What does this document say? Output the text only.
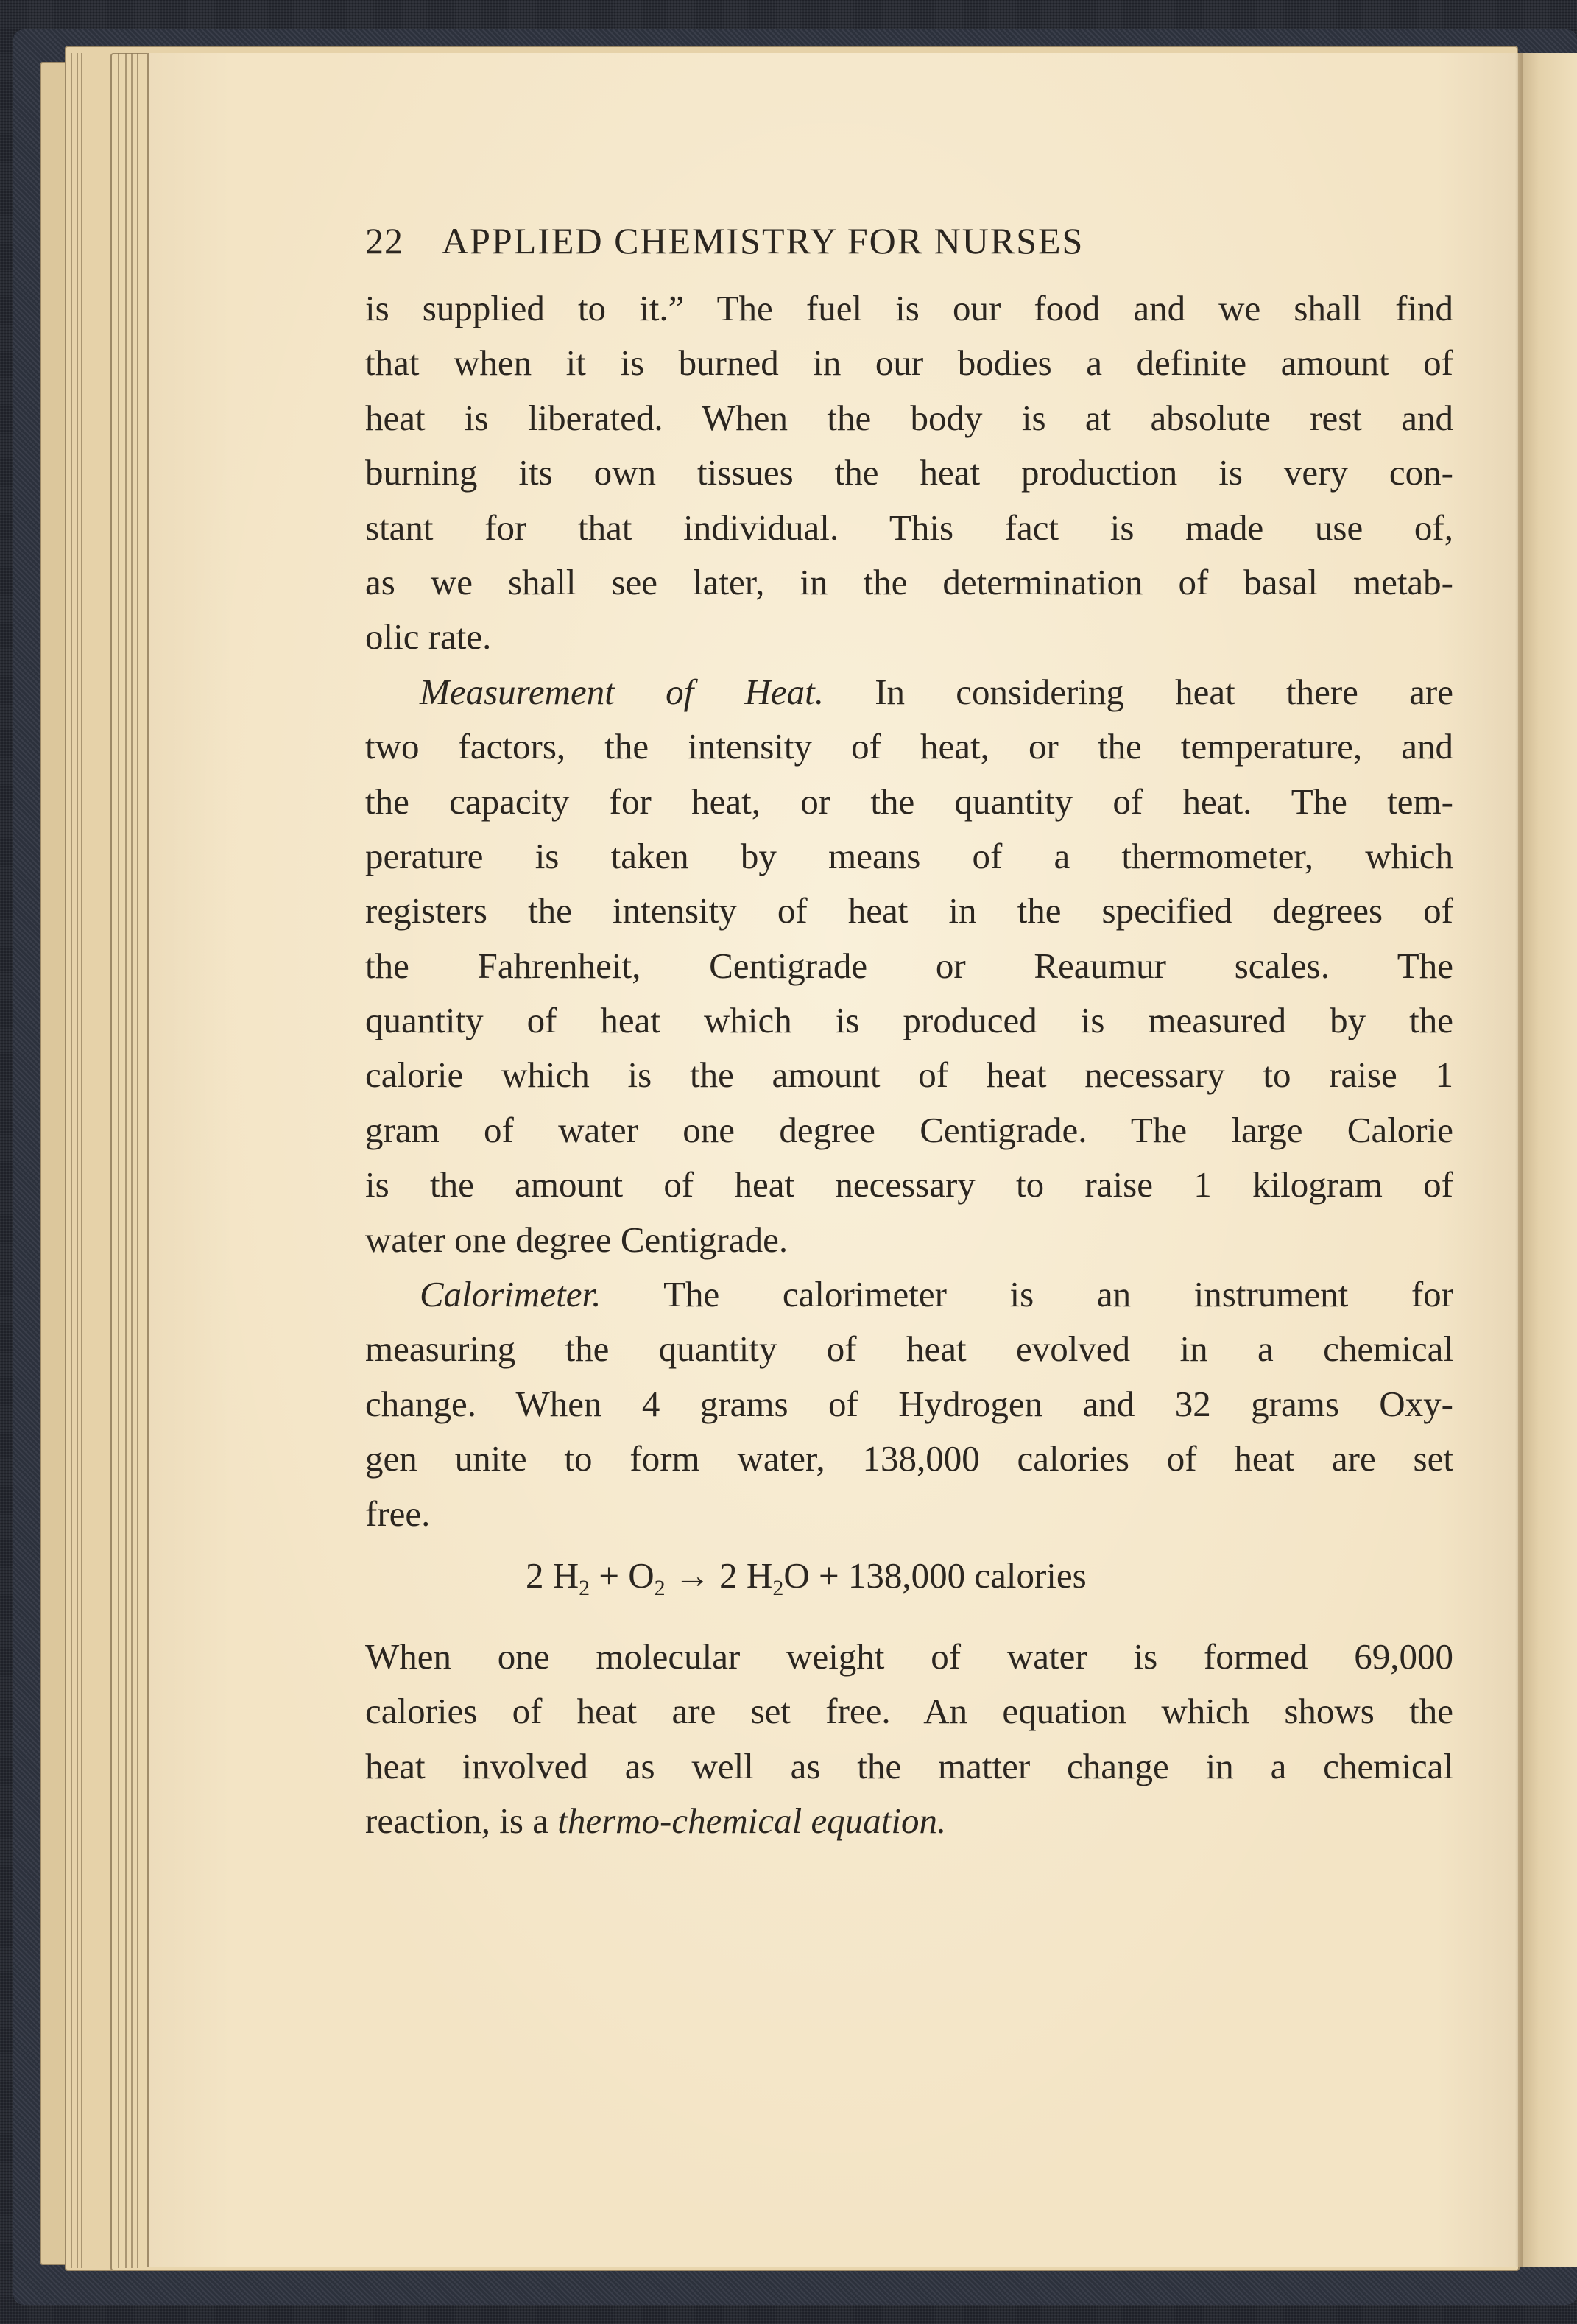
22 APPLIED CHEMISTRY FOR NURSES
is supplied to it.” The fuel is our food and we shall find
that when it is burned in our bodies a definite amount of
heat is liberated. When the body is at absolute rest and
burning its own tissues the heat production is very con-
stant for that individual. This fact is made use of,
as we shall see later, in the determination of basal metab-
olic rate.
Measurement of Heat. In considering heat there are
two factors, the intensity of heat, or the temperature, and
the capacity for heat, or the quantity of heat. The tem-
perature is taken by means of a thermometer, which
registers the intensity of heat in the specified degrees of
the Fahrenheit, Centigrade or Reaumur scales. The
quantity of heat which is produced is measured by the
calorie which is the amount of heat necessary to raise 1
gram of water one degree Centigrade. The large Calorie
is the amount of heat necessary to raise 1 kilogram of
water one degree Centigrade.
Calorimeter. The calorimeter is an instrument for
measuring the quantity of heat evolved in a chemical
change. When 4 grams of Hydrogen and 32 grams Oxy-
gen unite to form water, 138,000 calories of heat are set
free.
2 $H_2 + O_2 \to 2$ $H_2O + 138,000$ calories
When one molecular weight of water is formed 69,000
calories of heat are set free. An equation which shows the
heat involved as well as the matter change in a chemical
reaction, is a thermo-chemical equation.
